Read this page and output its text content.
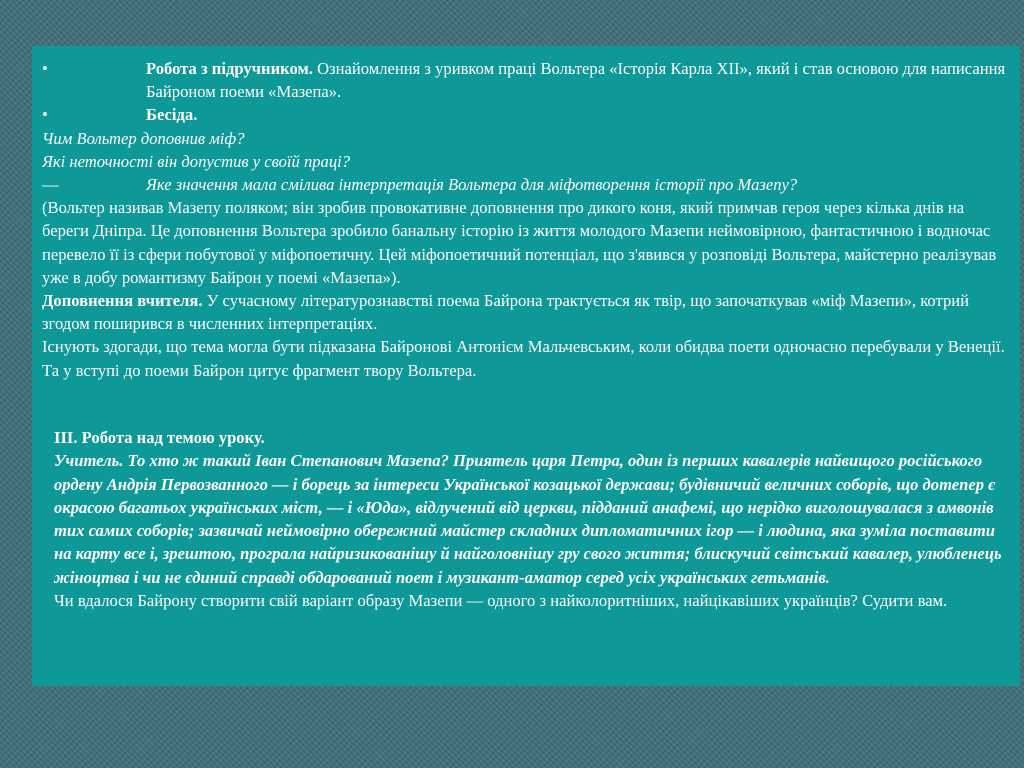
•	Робота з підручником. Ознайомлення з уривком праці Вольтера «Історія Карла XII», який і став основою для написання Байроном поеми «Мазепа».

•	Бесіда.

Чим Вольтер доповнив міф?

Які неточності він допустив у своїй праці?

—	Яке значення мала смілива інтерпретація Вольтера для міфотворення історії про Мазепу?

(Вольтер називав Мазепу поляком; він зробив провокативне доповнення про дикого коня, який примчав героя через кілька днів на береги Дніпра. Це доповнення Вольтера зробило банальну історію із життя молодого Мазепи неймовірною, фантастичною і водночас перевело її із сфери побутової у міфопоетичну. Цей міфопоетичний потенціал, що з'явився у розповіді Вольтера, майстерно реалізував уже в добу романтизму Байрон у поемі «Мазепа»).

Доповнення вчителя. У сучасному літературознавстві поема Байрона трактується як твір, що започаткував «міф Мазепи», котрий згодом поширився в численних інтерпретаціях.

Існують здогади, що тема могла бути підказана Байронові Антонієм Мальчевським, коли обидва поети одночасно перебували у Венеції. Та у вступі до поеми Байрон цитує фрагмент твору Вольтера.

ІІІ. Робота над темою уроку.

Учитель. То хто ж такий Іван Степанович Мазепа? Приятель царя Петра, один із перших кавалерів найвищого російського ордену Андрія Первозванного — і борець за інтереси Української козацької держави; будівничий величних соборів, що дотепер є окрасою багатьох українських міст, — і «Юда», відлучений від церкви, підданий анафемі, що нерідко виголошувалася з амвонів тих самих соборів; зазвичай неймовірно обережний майстер складних дипломатичних ігор — і людина, яка зуміла поставити на карту все і, зрештою, програла найризикованішу й найголовнішу гру свого життя; блискучий світський кавалер, улюбленець жіноцтва і чи не єдиний справді обдарований поет і музикант-аматор серед усіх українських гетьманів.

Чи вдалося Байрону створити свій варіант образу Мазепи — одного з найколоритніших, найцікавіших українців? Судити вам.
